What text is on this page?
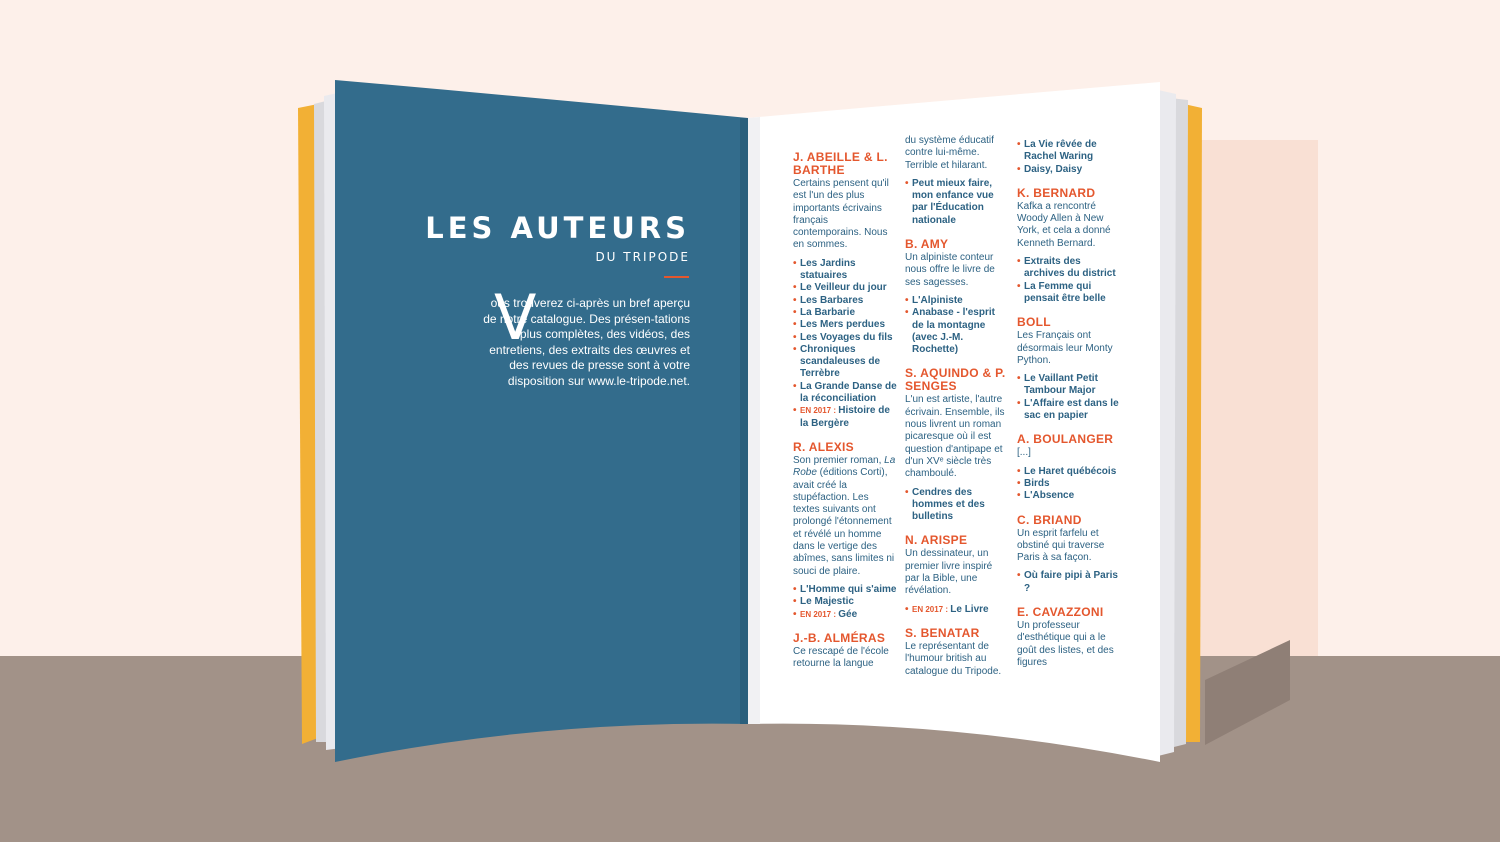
LES AUTEURS
DU TRIPODE
V

ous trouverez ci-après un bref aperçu de notre catalogue. Des présen-tations plus complètes, des vidéos, des entretiens, des extraits des œuvres et des revues de presse sont à votre disposition sur www.le-tripode.net.

J. ABEILLE & L. BARTHE

Certains pensent qu'il est l'un des plus importants écrivains français contemporains. Nous en sommes.

• Les Jardins statuaires
• Le Veilleur du jour
• Les Barbares
• La Barbarie
• Les Mers perdues
• Les Voyages du fils
• Chroniques scandaleuses de Terrèbre
• La Grande Danse de la réconciliation
• EN 2017 : Histoire de la Bergère

R. ALEXIS

Son premier roman, La Robe (éditions Corti), avait créé la stupéfaction. Les textes suivants ont prolongé l'étonnement et révélé un homme dans le vertige des abîmes, sans limites ni souci de plaire.

• L'Homme qui s'aime
• Le Majestic
• EN 2017 : Gée

J.-B. ALMÉRAS

Ce rescapé de l'école retourne la langue

du système éducatif contre lui-même. Terrible et hilarant.

• Peut mieux faire, mon enfance vue par l'Éducation nationale

B. AMY

Un alpiniste conteur nous offre le livre de ses sagesses.

• L'Alpiniste
• Anabase - l'esprit de la montagne (avec J.-M. Rochette)

S. AQUINDO & P. SENGES

L'un est artiste, l'autre écrivain. Ensemble, ils nous livrent un roman picaresque où il est question d'antipape et d'un XVᵉ siècle très chamboulé.

• Cendres des hommes et des bulletins

N. ARISPE

Un dessinateur, un premier livre inspiré par la Bible, une révélation.

• EN 2017 : Le Livre

S. BENATAR

Le représentant de l'humour british au catalogue du Tripode.

• La Vie rêvée de Rachel Waring
• Daisy, Daisy

K. BERNARD

Kafka a rencontré Woody Allen à New York, et cela a donné Kenneth Bernard.

• Extraits des archives du district
• La Femme qui pensait être belle

BOLL

Les Français ont désormais leur Monty Python.

• Le Vaillant Petit Tambour Major
• L'Affaire est dans le sac en papier

A. BOULANGER

[...]

• Le Haret québécois
• Birds
• L'Absence

C. BRIAND

Un esprit farfelu et obstiné qui traverse Paris à sa façon.

• Où faire pipi à Paris ?

E. CAVAZZONI

Un professeur d'esthétique qui a le goût des listes, et des figures
